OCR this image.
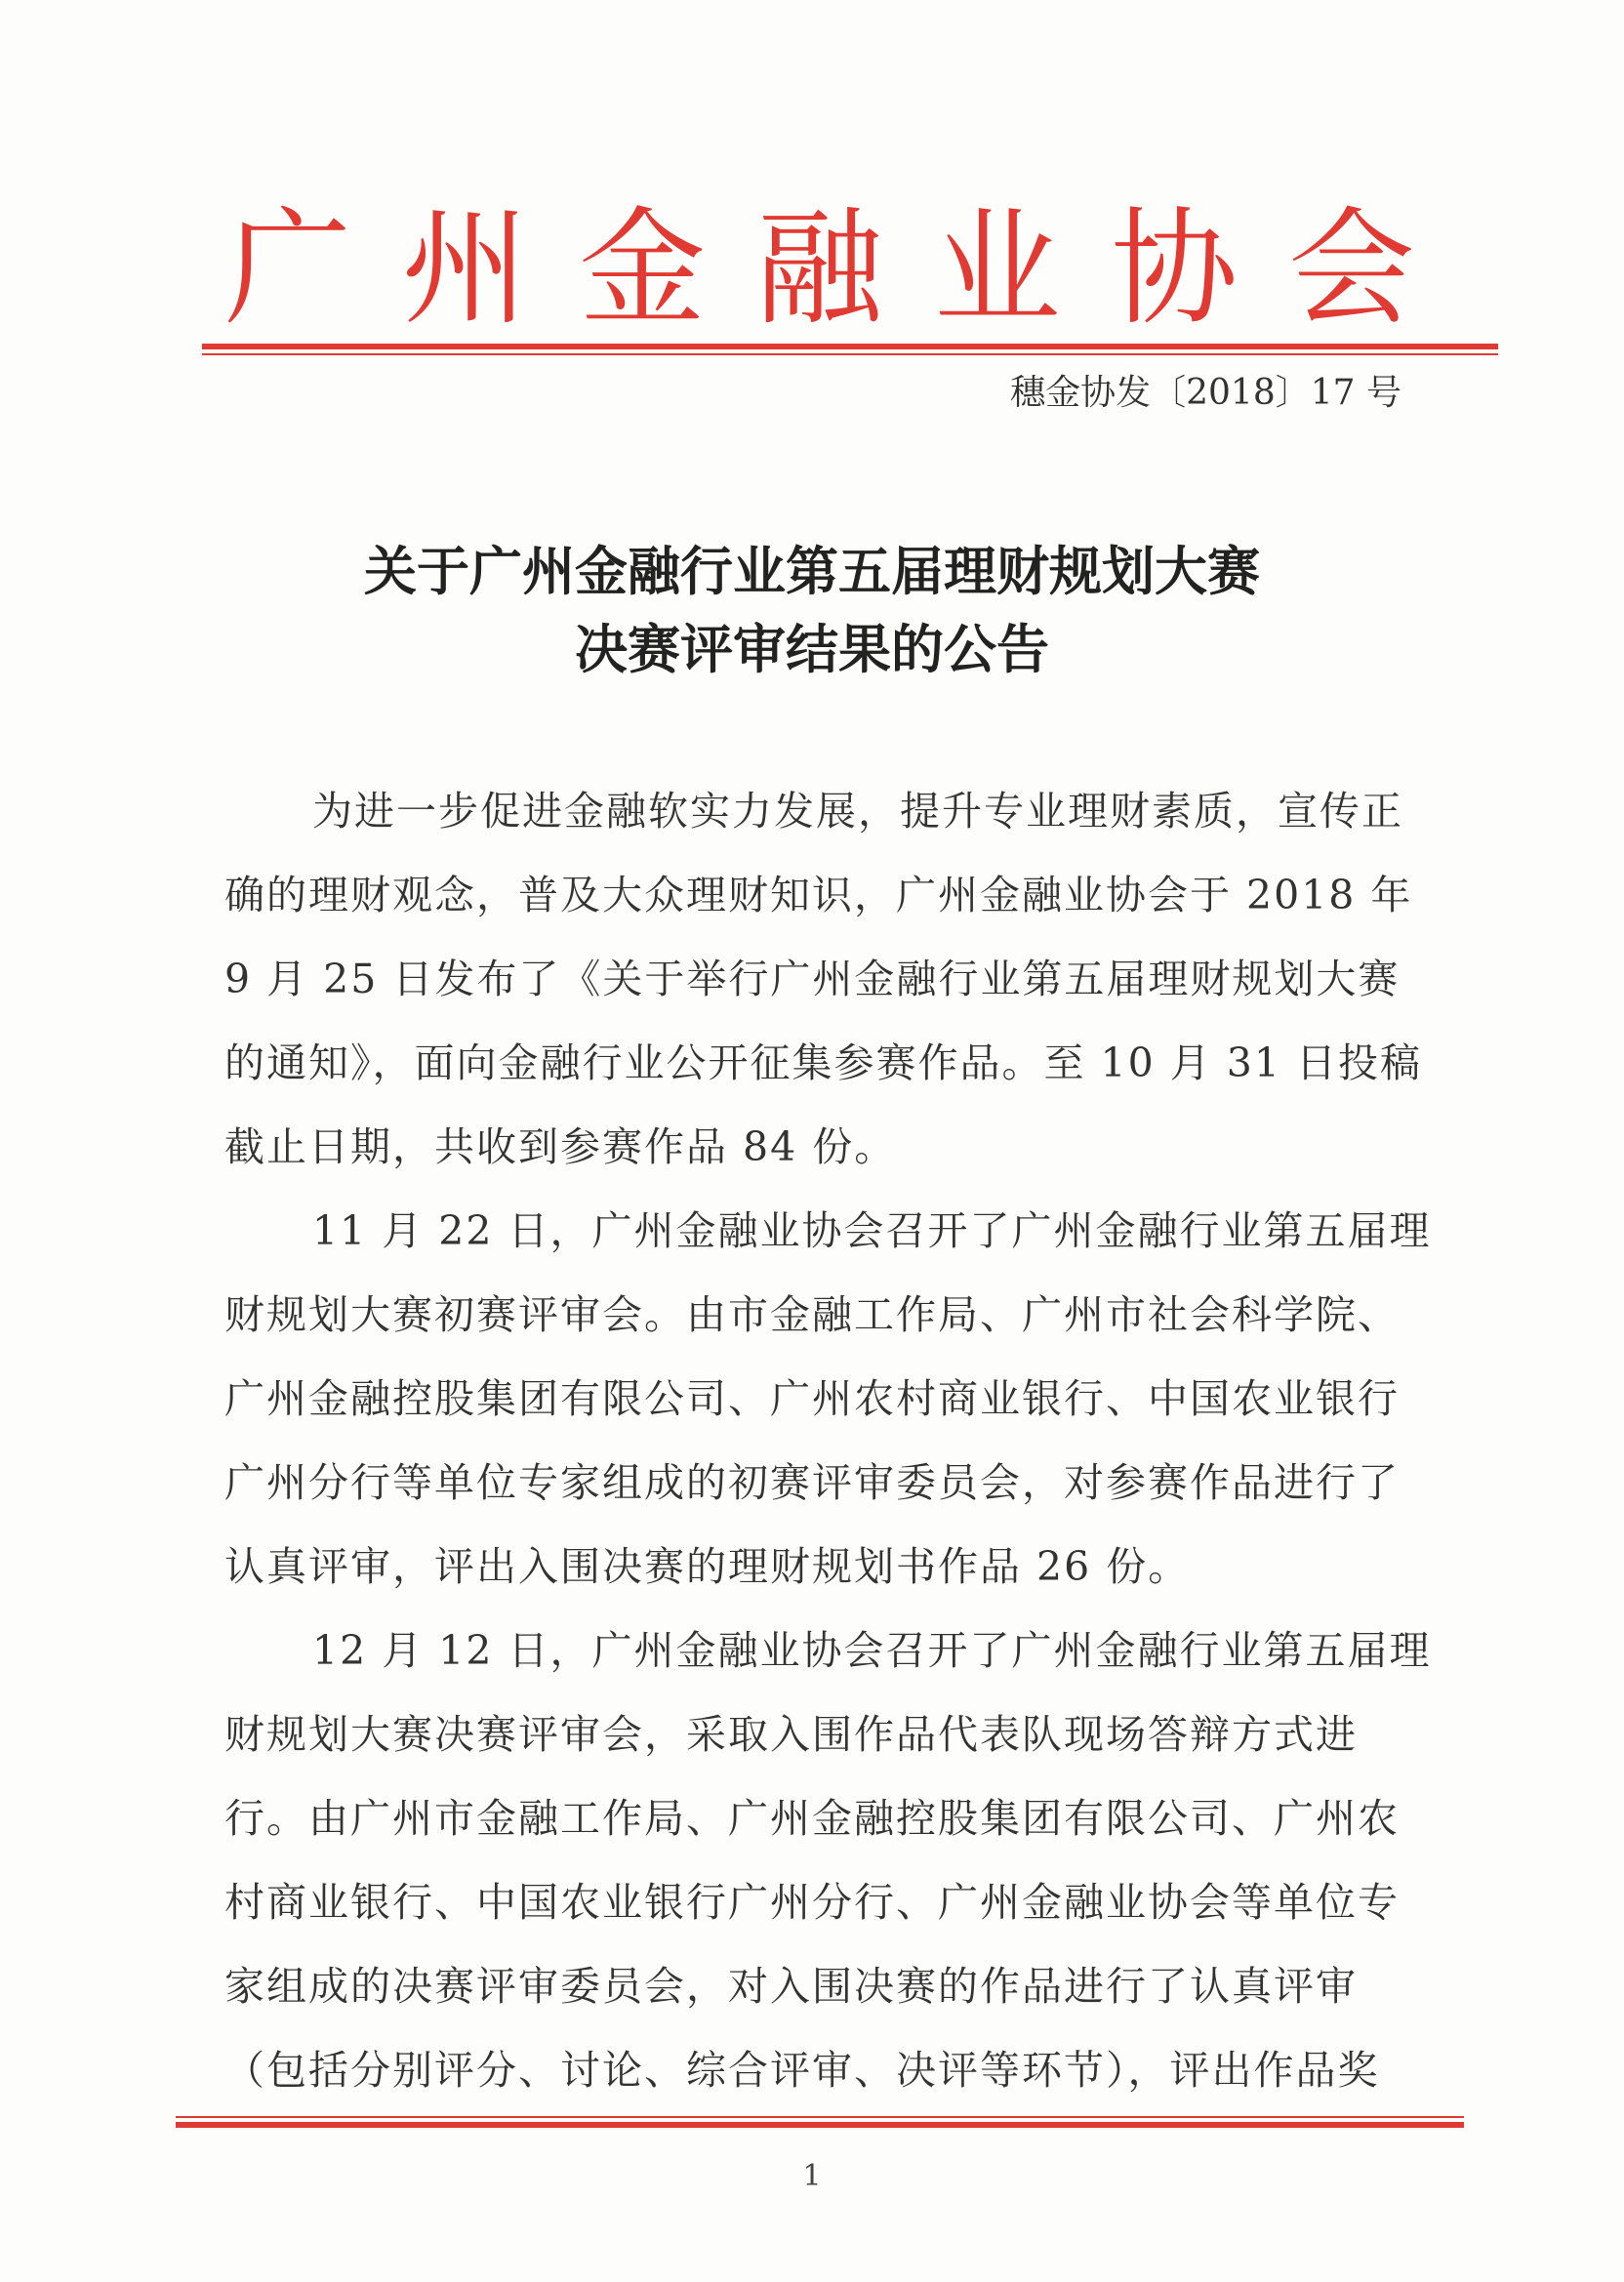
广 州 金 融 业 协 会
穗金协发〔2018〕17 号
关于广州金融行业第五届理财规划大赛
决赛评审结果的公告
为进一步促进金融软实力发展，提升专业理财素质，宣传正
确的理财观念，普及大众理财知识，广州金融业协会于 2018 年
9 月 25 日发布了《关于举行广州金融行业第五届理财规划大赛
的通知》，面向金融行业公开征集参赛作品。至 10 月 31 日投稿
截止日期，共收到参赛作品 84 份。
11 月 22 日，广州金融业协会召开了广州金融行业第五届理
财规划大赛初赛评审会。由市金融工作局、广州市社会科学院、
广州金融控股集团有限公司、广州农村商业银行、中国农业银行
广州分行等单位专家组成的初赛评审委员会，对参赛作品进行了
认真评审，评出入围决赛的理财规划书作品 26 份。
12 月 12 日，广州金融业协会召开了广州金融行业第五届理
财规划大赛决赛评审会，采取入围作品代表队现场答辩方式进
行。由广州市金融工作局、广州金融控股集团有限公司、广州农
村商业银行、中国农业银行广州分行、广州金融业协会等单位专
家组成的决赛评审委员会，对入围决赛的作品进行了认真评审
（包括分别评分、讨论、综合评审、决评等环节），评出作品奖
1
